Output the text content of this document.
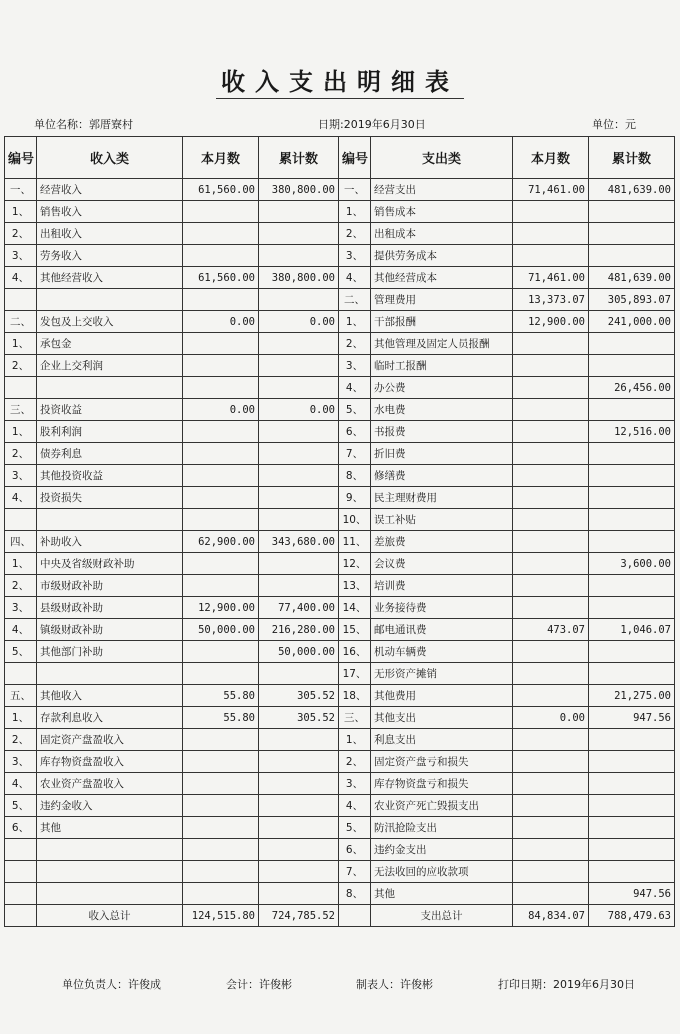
收入支出明细表
单位名称：郭厝寮村	日期:2019年6月30日	单位：元
编号	收入类	本月数	累计数	编号	支出类	本月数	累计数
一、	经营收入	61,560.00	380,800.00	一、	经营支出	71,461.00	481,639.00
1、	销售收入			1、	销售成本		
2、	出租收入			2、	出租成本		
3、	劳务收入			3、	提供劳务成本		
4、	其他经营收入	61,560.00	380,800.00	4、	其他经营成本	71,461.00	481,639.00
				二、	管理费用	13,373.07	305,893.07
二、	发包及上交收入	0.00	0.00	1、	干部报酬	12,900.00	241,000.00
1、	承包金			2、	其他管理及固定人员报酬		
2、	企业上交利润			3、	临时工报酬		
				4、	办公费		26,456.00
三、	投资收益	0.00	0.00	5、	水电费		
1、	股利利润			6、	书报费		12,516.00
2、	债券利息			7、	折旧费		
3、	其他投资收益			8、	修缮费		
4、	投资损失			9、	民主理财费用		
				10、	误工补贴		
四、	补助收入	62,900.00	343,680.00	11、	差旅费		
1、	中央及省级财政补助			12、	会议费		3,600.00
2、	市级财政补助			13、	培训费		
3、	县级财政补助	12,900.00	77,400.00	14、	业务接待费		
4、	镇级财政补助	50,000.00	216,280.00	15、	邮电通讯费	473.07	1,046.07
5、	其他部门补助		50,000.00	16、	机动车辆费		
				17、	无形资产摊销		
五、	其他收入	55.80	305.52	18、	其他费用		21,275.00
1、	存款利息收入	55.80	305.52	三、	其他支出	0.00	947.56
2、	固定资产盘盈收入			1、	利息支出		
3、	库存物资盘盈收入			2、	固定资产盘亏和损失		
4、	农业资产盘盈收入			3、	库存物资盘亏和损失		
5、	违约金收入			4、	农业资产死亡毁损支出		
6、	其他			5、	防汛抢险支出		
				6、	违约金支出		
				7、	无法收回的应收款项		
				8、	其他		947.56
	收入总计	124,515.80	724,785.52		支出总计	84,834.07	788,479.63
单位负责人：许俊成	会计：许俊彬	制表人：许俊彬	打印日期：2019年6月30日
